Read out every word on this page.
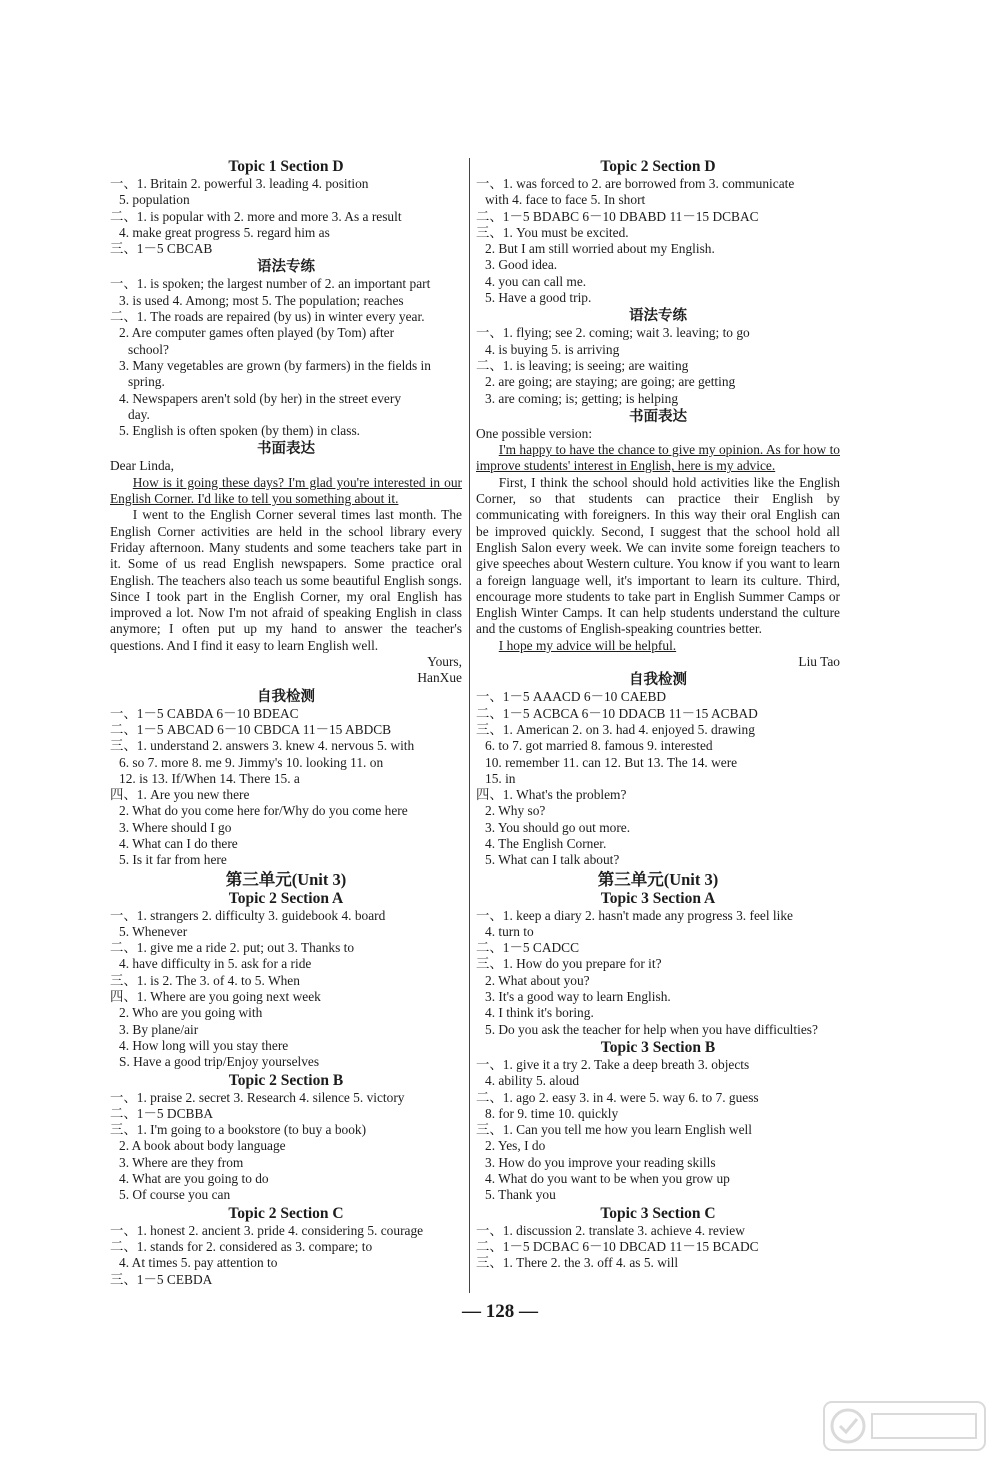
Topic 1 Section D
一、1. Britain 2. powerful 3. leading 4. position
5. population
二、1. is popular with 2. more and more 3. As a result
4. make great progress 5. regard him as
三、1－5 CBCAB
语法专练
一、1. is spoken; the largest number of 2. an important part
3. is used 4. Among; most 5. The population; reaches
二、1. The roads are repaired (by us) in winter every year.
2. Are computer games often played (by Tom) after
school?
3. Many vegetables are grown (by farmers) in the fields in
spring.
4. Newspapers aren't sold (by her) in the street every
day.
5. English is often spoken (by them) in class.
书面表达
Dear Linda,
How is it going these days? I'm glad you're interested in our English Corner. I'd like to tell you something about it.
I went to the English Corner several times last month. The English Corner activities are held in the school library every Friday afternoon. Many students and some teachers take part in it. Some of us read English newspapers. Some practice oral English. The teachers also teach us some beautiful English songs. Since I took part in the English Corner, my oral English has improved a lot. Now I'm not afraid of speaking English in class anymore; I often put up my hand to answer the teacher's questions. And I find it easy to learn English well.
Yours,
HanXue
自我检测
一、1－5 CABDA 6－10 BDEAC
二、1－5 ABCAD 6－10 CBDCA 11－15 ABDCB
三、1. understand 2. answers 3. knew 4. nervous 5. with
6. so 7. more 8. me 9. Jimmy's 10. looking 11. on
12. is 13. If/When 14. There 15. a
四、1. Are you new there
2. What do you come here for/Why do you come here
3. Where should I go
4. What can I do there
5. Is it far from here
第三单元(Unit 3)
Topic 2 Section A
一、1. strangers 2. difficulty 3. guidebook 4. board
5. Whenever
二、1. give me a ride 2. put; out 3. Thanks to
4. have difficulty in 5. ask for a ride
三、1. is 2. The 3. of 4. to 5. When
四、1. Where are you going next week
2. Who are you going with
3. By plane/air
4. How long will you stay there
S. Have a good trip/Enjoy yourselves
Topic 2 Section B
一、1. praise 2. secret 3. Research 4. silence 5. victory
二、1－5 DCBBA
三、1. I'm going to a bookstore (to buy a book)
2. A book about body language
3. Where are they from
4. What are you going to do
5. Of course you can
Topic 2 Section C
一、1. honest 2. ancient 3. pride 4. considering 5. courage
二、1. stands for 2. considered as 3. compare; to
4. At times 5. pay attention to
三、1－5 CEBDA
Topic 2 Section D
一、1. was forced to 2. are borrowed from 3. communicate
with 4. face to face 5. In short
二、1－5 BDABC 6－10 DBABD 11－15 DCBAC
三、1. You must be excited.
2. But I am still worried about my English.
3. Good idea.
4. you can call me.
5. Have a good trip.
语法专练
一、1. flying; see 2. coming; wait 3. leaving; to go
4. is buying 5. is arriving
二、1. is leaving; is seeing; are waiting
2. are going; are staying; are going; are getting
3. are coming; is; getting; is helping
书面表达
One possible version:
I'm happy to have the chance to give my opinion. As for how to improve students' interest in English, here is my advice.
First, I think the school should hold activities like the English Corner, so that students can practice their English by communicating with foreigners. In this way their oral English can be improved quickly. Second, I suggest that the school hold all English Salon every week. We can invite some foreign teachers to give speeches about Western culture. You know if you want to learn a foreign language well, it's important to learn its culture. Third, encourage more students to take part in English Summer Camps or English Winter Camps. It can help students understand the culture and the customs of English-speaking countries better.
I hope my advice will be helpful.
Liu Tao
自我检测
一、1－5 AAACD 6－10 CAEBD
二、1－5 ACBCA 6－10 DDACB 11－15 ACBAD
三、1. American 2. on 3. had 4. enjoyed 5. drawing
6. to 7. got married 8. famous 9. interested
10. remember 11. can 12. But 13. The 14. were
15. in
四、1. What's the problem?
2. Why so?
3. You should go out more.
4. The English Corner.
5. What can I talk about?
第三单元(Unit 3)
Topic 3 Section A
一、1. keep a diary 2. hasn't made any progress 3. feel like
4. turn to
二、1－5 CADCC
三、1. How do you prepare for it?
2. What about you?
3. It's a good way to learn English.
4. I think it's boring.
5. Do you ask the teacher for help when you have difficulties?
Topic 3 Section B
一、1. give it a try 2. Take a deep breath 3. objects
4. ability 5. aloud
二、1. ago 2. easy 3. in 4. were 5. way 6. to 7. guess
8. for 9. time 10. quickly
三、1. Can you tell me how you learn English well
2. Yes, I do
3. How do you improve your reading skills
4. What do you want to be when you grow up
5. Thank you
Topic 3 Section C
一、1. discussion 2. translate 3. achieve 4. review
二、1－5 DCBAC 6－10 DBCAD 11－15 BCADC
三、1. There 2. the 3. off 4. as 5. will
— 128 —
